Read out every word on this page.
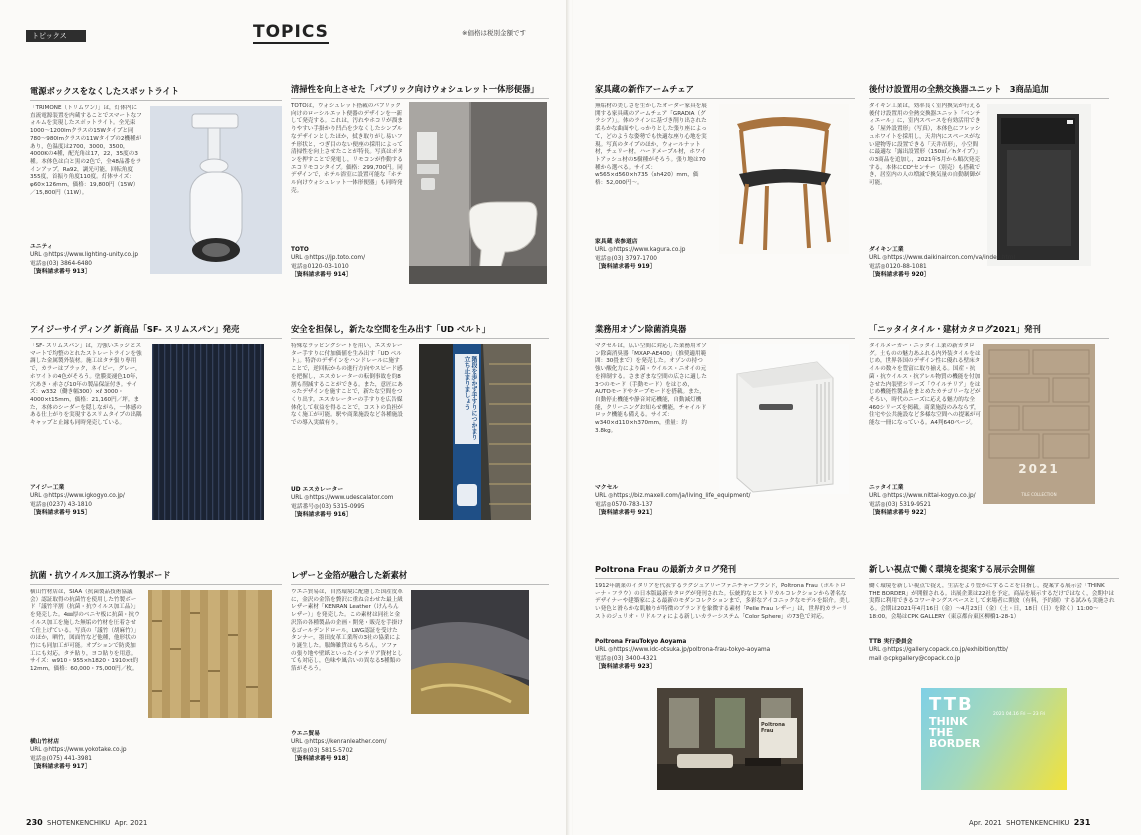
トピックス	TOPICS	※価格は税別金額です
電源ボックスをなくしたスポットライト

「TRIMONE（トリムワン）」は，灯体内に直流電源装置を内蔵することでスマートなフォルムを実現したスポットライト。全光束1000〜1200lmクラスの15Wタイプと同780〜980lmクラスの11Wタイプの2機種があり，色温度は2700，3000，3500，4000Kの4種，配光角は17，22，35度の3種。本体色は白と黒の2色で，全48品番をラインアップ。Ra92，調光可能，回転角度355度，首振り角度110度。灯体サイズ：φ60×126mm，価格：19,800円（15W）／15,800円（11W）。

ユニティ
URL ◎https://www.lighting-unity.co.jp
電話◎(03) 3864-6480
［資料請求番号 913］
清掃性を向上させた「パブリック向けウォシュレット一体形便器」

TOTOは，ウォシュレット搭載のパブリック向けのローシルエット便器のデザインを一新して発売する。これは，汚れやホコリが溜まりやすい手掛かり凹凸を少なくしたシンプルなデザインとしたほか，拭き取りがし易いフチ形状と，つぎ目のない便座の採用によって清掃性を向上させたことが特長。写真はポタンを押すことで発電し，リモコンが作動するエコリモコンタイプ。価格：299,700円。同デザインで，ホテル浴室に設置可能な「ホテル向けウォシュレット一体形便器」も同時発売。

TOTO
URL ◎https://jp.toto.com/
電話◎0120-03-1010
［資料請求番号 914］
アイジーサイディング 新商品「SF- スリムスパン」発売

「SF- スリムスパン」は，力強いエッジとスマートで均整のとれたストレートラインを強調した金属製外装材。施工はタテ張り専用で，カラーはブラック，ネイビー，グレー，ホワイトの4色がそろう。塗膜変褪色10年，穴あき・赤さび10年の製品保証付き。サイズ：w332（働き幅300）×ℓ 3000・4000×t15mm，価格：21,160円／坪。また，本体のシーダーを隠しながら，一体感のある仕上がりを実現するスリムタイプの出隅キャップと止縁も同時発売している。

アイジー工業
URL ◎https://www.igkogyo.co.jp/
電話◎(0237) 43-1810
［資料請求番号 915］
安全を担保し，新たな空間を生み出す「UD ベルト」

特殊なラッピングシートを用い，エスカレーター手すりに付加価値を生み出す「UD ベルト」。特許のデザインをハンドレールに施すことで，逆回転からの進行方向やスピード感を把握し，エスカレーターの転倒事故を約8割も削減することができる。また，意匠にあったデザインを施すことで，新たな空間をつくり出す。エスカレーターの手すりを広告媒体化して収益を得ることで，コストの負担がなく施工が可能。駅や商業施設など各種施設での導入実績有り。	階段を歩かず手すりにつかまり立ち止まりましょう
UD エスカレーター
URL ◎https://www.udescalator.com
電話番号◎(03) 5315-0995
［資料請求番号 916］
抗菌・抗ウイルス加工済み竹製ボード

横山竹材店は，SIAA（抗菌製品技術協議会）認証取得の抗菌竹を使用した竹製ボード「議竹平割（抗菌・抗ウイルス加工品）」を発売した。4㎜厚のベニヤ板に抗菌・抗ウイルス加工を施した無垢の竹材を圧着させて仕上げている。写真の「議竹（胡麻竹）」のほか，晒竹，図面竹など他種，他形状の竹にも同加工が可能。オプションで防炎加工にも対応。タテ貼り，ヨコ貼りを用意。サイズ：w910・955×h1820・1910×t約12mm，価格：60,000・75,000円／枚。

横山竹材店
URL ◎https://www.yokotake.co.jp
電話◎(075) 441-3981
［資料請求番号 917］
レザーと金箔が融合した新素材

ウエニ貿易は，自然環境に配慮した国産皮革に，金沢の金箔を贅沢に重ね合わせた最上級レザー素材「KENRAN Leather（けんらんレザー）」を発売した。この素材は同社と金沢箔の各種製品の企画・開発・販売を手掛けるゴールデンドロール，LWG認証を受けたタンナー，墨田皮革工業所の3社の協業により誕生した。服飾雑貨はもちろん，ソファの張り地や壁紙といったインテリア資材としても対応し，色味や風合いの異なる5種類の箔がそろう。

ウエニ貿易
URL ◎https://kenranleather.com/
電話◎(03) 5815-5702
［資料請求番号 918］
230 SHOTENKENCHIKU Apr. 2021
家具蔵の新作アームチェア

無垢材の美しさを生かしたオーダー家具を展開する家具蔵のアームチェア「GRADIA（グラシア）」。体のラインに基づき削り出された柔らかな曲面やしっかりとした張り座によって，どのような姿勢でも快適な座り心地を実現。写真のタイプのほか，ウォールナット材，チェリー材，ハードメープル材，ホワイトアッシュ材の5樹種がそろう。張り地は70種から選べる。サイズ：w565×d560×h735（sh420）mm，価格：52,000円〜。

家具蔵 表参道店
URL ◎https://www.kagura.co.jp
電話◎(03) 3797-1700
［資料請求番号 919］
後付け設置用の全熱交換器ユニット　3商品追加

ダイキン工業は，効率良く室内換気が行える後付け設置用の全熱交換器ユニット「ベンティエール」に，室内スペースを有効活用できる「屋外設置形」（写真），本体色にフレッシュホワイトを採用し，天井内にスペースがない建物等に設置できる「天井吊形」，小空間に最適な「露出設置形（150㎥／hタイプ）」の3商品を追加し，2021年5月から順次発売する。本体にCO²センサー（別売）も搭載でき，居室内の人の増減で換気量の自動制御が可能。

ダイキン工業
URL ◎https://www.daikinaircon.com/va/index.html
電話◎0120-88-1081
［資料請求番号 920］
業務用オゾン除菌消臭器

マクセルは，広い空間に対応した業務用オゾン除菌消臭器「MXAP-AE400」（推奨適用範囲：30畳まで）を発売した。オゾンの持つ強い酸化力により菌・ウイルス・ニオイの元を抑制する。さまざまな空間の広さに適した3つのモード（手動モード）をはじめ，AUTOモードやタープモードを搭載。また，自動停止機能や静音対応機能，自動減灯機能，クリーニングお知らせ機能，チャイルドロック機能も備える。サイズ：w340×d110×h370mm，重量：約3.8kg。

マクセル
URL ◎https://biz.maxell.com/ja/living_life_equipment/
電話◎0570-783-137
［資料請求番号 921］
「ニッタイタイル・建材カタログ2021」発刊

タイルメーカー・ニッタイ工業の新カタログ。土ものの魅力あふれる内外装タイルをはじめ，世界各国のデザイン性に優れる壁床タイルの数々を豊富に取り揃える。国産・抗菌・抗ウイルス・抗アレル物質の機能を付加させた内装壁シリーズ「ウイルテリア」をはじめ機能性製品をまとめたカテゴリーなどがそろい，時代のニーズに応える魅力的な全460シリーズを掲載。商業施設のみならず，住宅や公共施設など多様な空間への提案が可能な一冊になっている。A4判640ページ。

2021
TILE COLLECTION
ニッタイ工業
URL ◎https://www.nittai-kogyo.co.jp/
電話◎(03) 5319-9521
［資料請求番号 922］
Poltrona Frau の最新カタログ発刊

1912年創業のイタリアを代表するラグジュアリーファニチャーブランド，Poltrona Frau（ポルトローナ・フラウ）の日本版最新カタログが発刊された。伝統的なヒストリカルコレクションから著名なデザイナーや建築家による最新のモダンコレクションまで，多彩なアイコニックなモデルを紹介。美しい発色と滑らかな肌触りが特徴のブランドを象徴する素材「Pelle Frau レザー」は，世界的カラーリストのジュリオ・リドルフォによる新しいカラーシステム「Color Sphere」の73色で対応。

Poltrona FrauTokyo Aoyama
URL ◎https://www.idc-otsuka.jp/poltrona-frau-tokyo-aoyama
電話◎(03) 3400-4321
［資料請求番号 923］
Poltrona Frau
新しい視点で働く環境を提案する展示会開催

働く環境を新しい視点で捉え，生活をより豊かにすることを目指し，提案する展示会「THINK THE BORDER」が開催される。出展企業は22社を予定。商品を展示するだけではなく，会期中は実際に利用できるコワーキングスペースとして来場者に開放（有料，予約制）する試みも実施される。会期は2021年4月16日（金）〜4月23日（金）（土・日，18日（日）を除く）11:00〜18:00。会場はCPK GALLERY（東京都台東区柳橋1-28-1）

TTB 実行委員会
URL ◎https://gallery.copack.co.jp/exhibition/ttb/
mail ◎cpkgallery@copack.co.jp
TTB
THINK
THE
BORDER
2021 04.16 Fri — 23 Fri
Apr. 2021 SHOTENKENCHIKU 231
